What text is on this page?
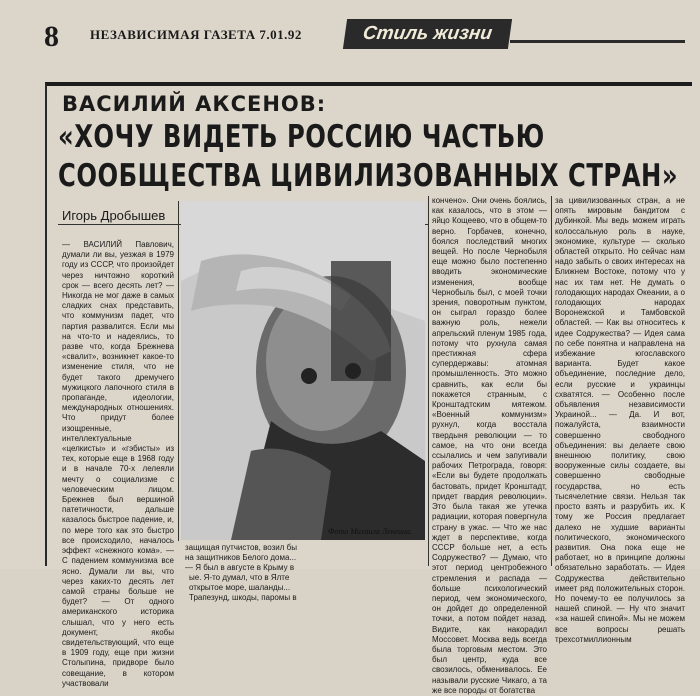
8 НЕЗАВИСИМАЯ ГАЗЕТА 7.01.92	Стиль жизни
ВАСИЛИЙ АКСЕНОВ:
«ХОЧУ ВИДЕТЬ РОССИЮ ЧАСТЬЮ СООБЩЕСТВА ЦИВИЛИЗОВАННЫХ СТРАН»
Игорь Дробышев

— ВАСИЛИЙ Павлович, думали ли вы, уезжая в 1979 году из СССР, что произойдет через ничтожно короткий срок — всего десять лет? — Никогда не мог даже в самых сладких снах представить, что коммунизм падет, что партия развалится. Если мы на что-то и надеялись, то разве что, когда Брежнева «свалит», возникнет какое-то изменение стиля, что не будет такого дремучего мужицкого лапочного стиля в пропаганде, идеологии, международных отношениях. Что придут более изощренные, интеллектуальные «целкисты» и «гэбисты» из тех, которые еще в 1968 году и в начале 70-х лелеяли мечту о социализме с человеческим лицом. Брежнев был вершиной патетичности, дальше казалось быстрое падение, и, по мере того как это быстро все происходило, началось эффект «снежного кома». — С падением коммунизма все ясно. Думали ли вы, что через каких-то десять лет самой страны больше не будет? — От одного американского историка слышал, что у него есть документ, якобы свидетельствующий, что еще в 1909 году, еще при жизни Столыпина, придворе было совещание, в котором участвовали

Фото Михаила Лекеина.
защищая путчистов, возил бы на защитников Белого дома... — Я был в августе в Крыму в ые. Я-то думал, что в Ялте открытое море, шаланды... Трапезунд, шкоды, паромы в

кончено». Они очень боялись, как казалось, что в этом — яйцо Кощеево, что в общем-то верно. Горбачев, конечно, боялся последствий многих вещей. Но после Чернобыля еще можно было постепенно вводить экономические изменения, вообще Чернобыль был, с моей точки зрения, поворотным пунктом, он сыграл гораздо более важную роль, нежели апрельский пленум 1985 года, потому что рухнула самая престижная сфера супердержавы: атомная промышленность. Это можно сравнить, как если бы покажется странным, с Кронштадтским мятежом. «Военный коммунизм» рухнул, когда восстала твердыня революции — то самое, на что они всегда ссылались и чем запугивали рабочих Петрограда, говоря: «Если вы будете продолжать бастовать, придет Кронштадт, придет гвардия революции». Это была такая же утечка радиации, которая повергнула страну в ужас. — Что же нас ждет в перспективе, когда СССР больше нет, а есть Содружество? — Думаю, что этот период центробежного стремления и распада — больше психологический период, чем экономического, он дойдет до определенной точки, а потом пойдет назад. Видите, как накорадил Моссовет. Москва ведь всегда была торговым местом. Это был центр, куда все свозилось, обменивалось. Ее называли русские Чикаго, а та же все породы от богатства

за цивилизованных стран, а не опять мировым бандитом с дубинкой. Мы ведь можем играть колоссальную роль в науке, экономике, культуре — сколько областей открыто. Но сейчас нам надо забыть о своих интересах на Ближнем Востоке, потому что у нас их там нет. Не думать о голодающих народах Океании, а о голодающих народах Воронежской и Тамбовской областей. — Как вы относитесь к идее Содружества? — Идея сама по себе понятна и направлена на избежание югославского варианта. Будет какое объединение, последние дело, если русские и украинцы схватятся. — Особенно после объявления независимости Украиной... — Да. И вот, пожалуйста, взаимности совершенно свободного объединения: вы делаете свою внешнюю политику, свою вооруженные силы создаете, вы совершенно свободные государства, но есть тысячелетние связи. Нельзя так просто взять и разрубить их. К тому же Россия предлагает далеко не худшие варианты политического, экономического развития. Она пока еще не работает, но в принципе должны обязательно заработать. — Идея Содружества действительно имеет ряд положительных сторон. Но почему-то ее получилось за нашей спиной. — Ну что значит «за нашей спиной». Мы не можем все вопросы решать трехсотмиллионным
